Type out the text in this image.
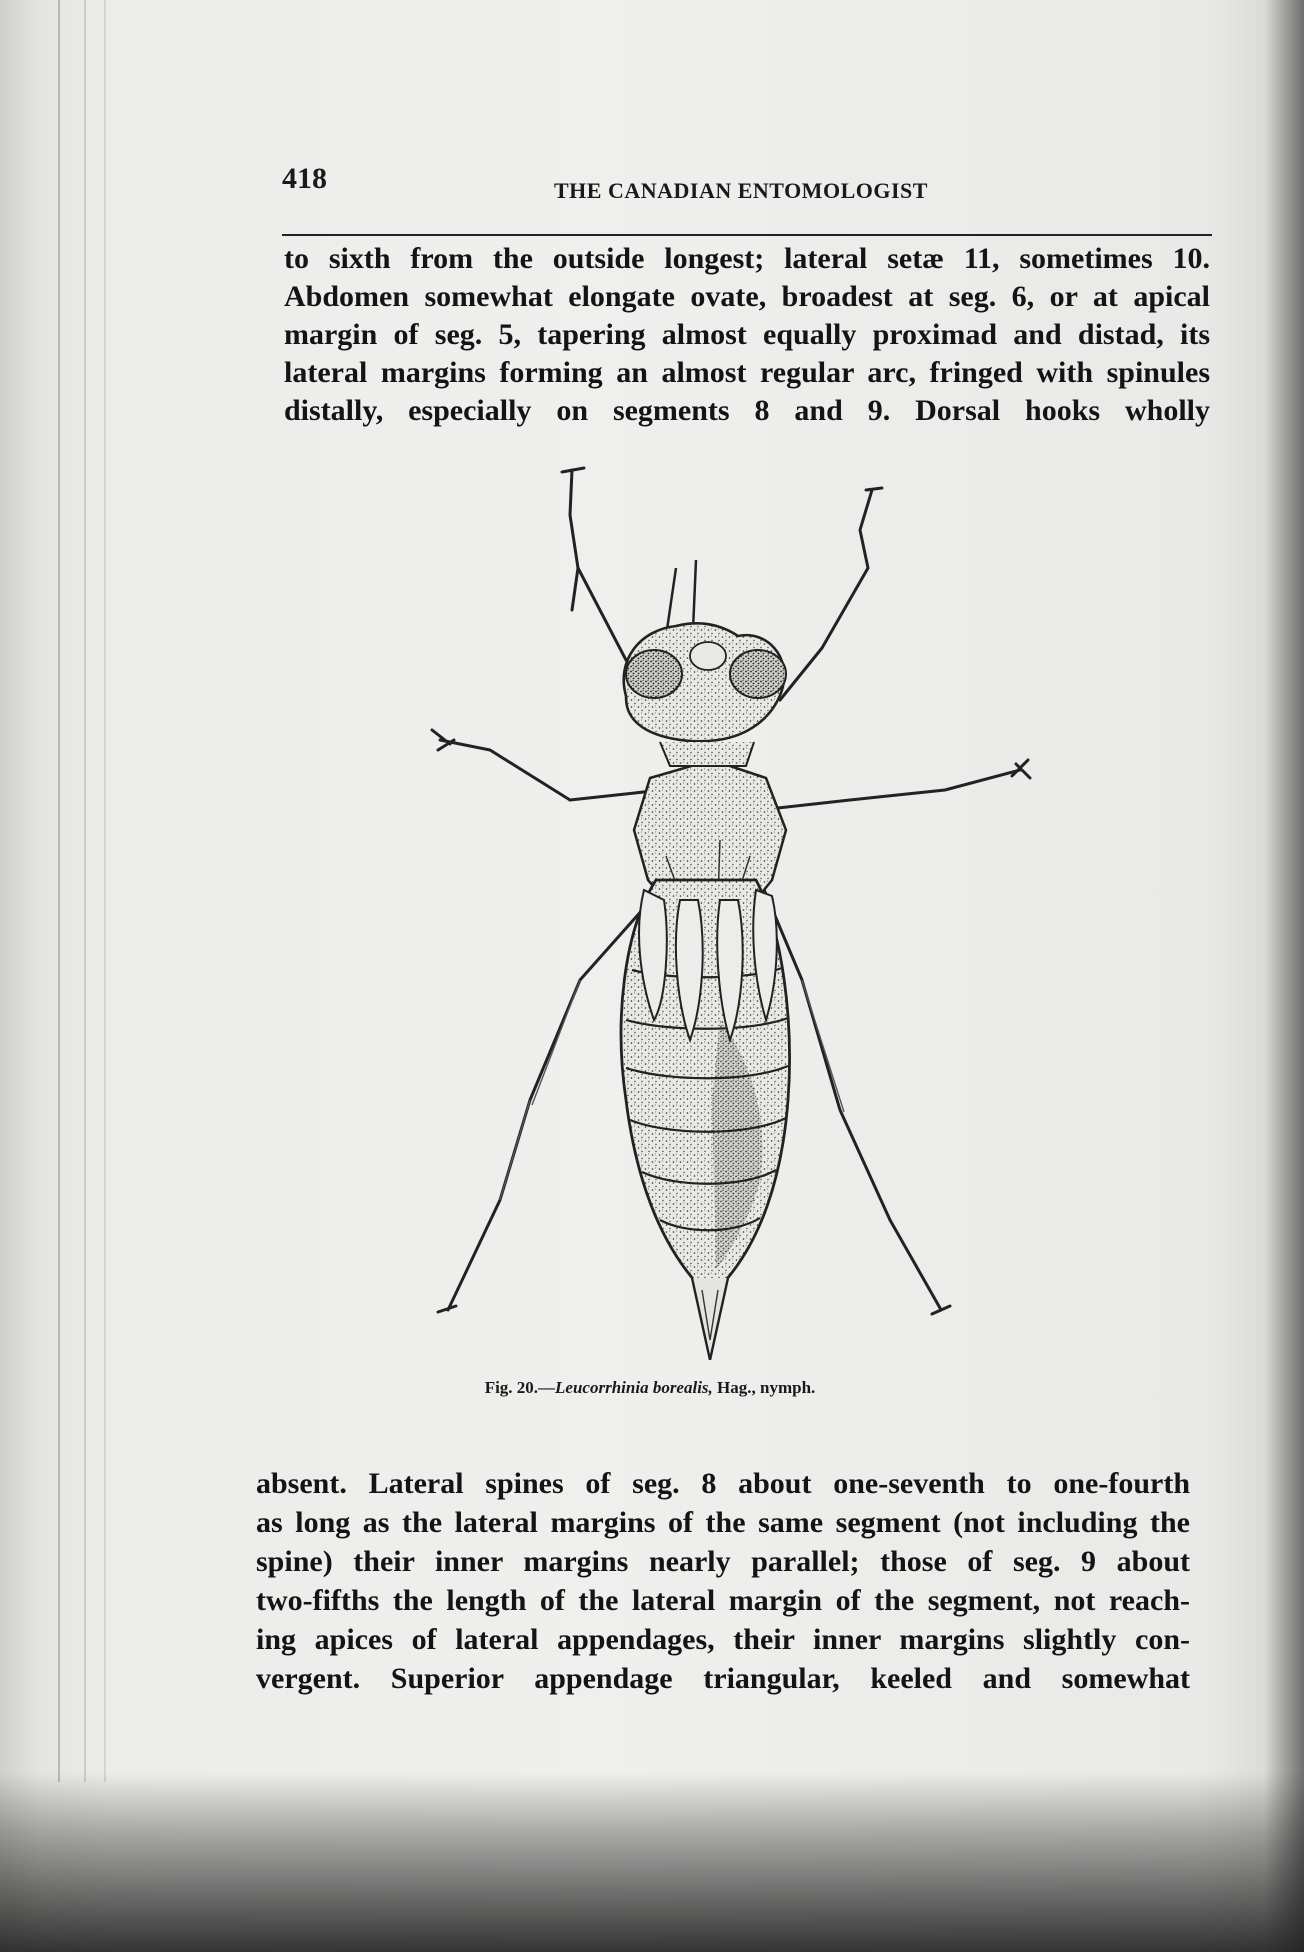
418	THE CANADIAN ENTOMOLOGIST
to sixth from the outside longest; lateral setæ 11, sometimes 10.
Abdomen somewhat elongate ovate, broadest at seg. 6, or at apical
margin of seg. 5, tapering almost equally proximad and distad, its
lateral margins forming an almost regular arc, fringed with spinules
distally, especially on segments 8 and 9. Dorsal hooks wholly
Fig. 20.—Leucorrhinia borealis, Hag., nymph.
absent. Lateral spines of seg. 8 about one-seventh to one-fourth
as long as the lateral margins of the same segment (not including the
spine) their inner margins nearly parallel; those of seg. 9 about
two-fifths the length of the lateral margin of the segment, not reach-
ing apices of lateral appendages, their inner margins slightly con-
vergent. Superior appendage triangular, keeled and somewhat
